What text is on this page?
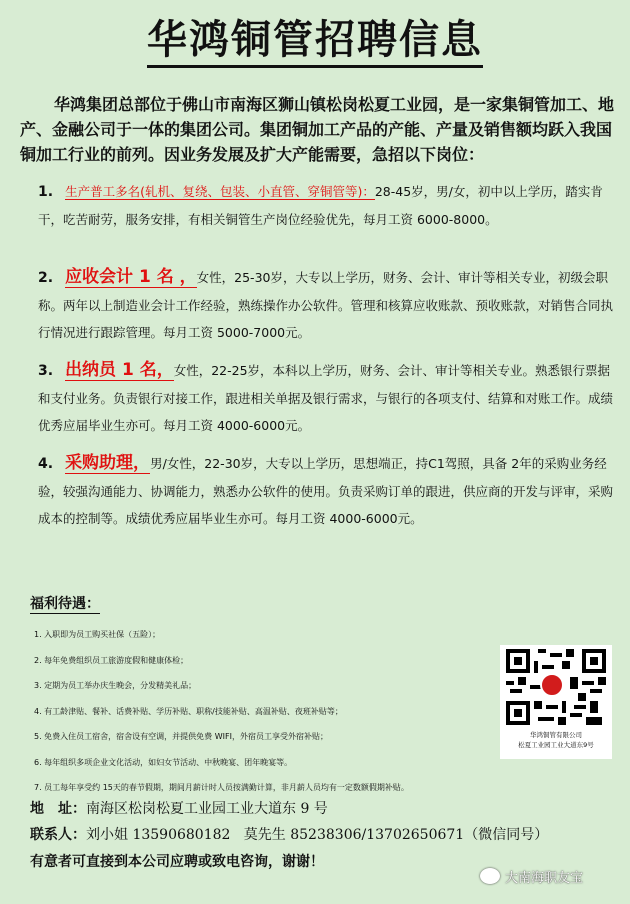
华鸿铜管招聘信息
华鸿集团总部位于佛山市南海区狮山镇松岗松夏工业园，是一家集铜管加工、地产、金融公司于一体的集团公司。集团铜加工产品的产能、产量及销售额均跃入我国铜加工行业的前列。因业务发展及扩大产能需要，急招以下岗位：
1. 生产普工多名(轧机、复绕、包装、小直管、穿铜管等)：28-45岁，男/女，初中以上学历，踏实肯干，吃苦耐劳，服务安排，有相关铜管生产岗位经验优先，每月工资 6000-8000。
2. 应收会计 1 名 ，女性，25-30岁，大专以上学历，财务、会计、审计等相关专业，初级会职称。两年以上制造业会计工作经验，熟练操作办公软件。管理和核算应收账款、预收账款，对销售合同执行情况进行跟踪管理。每月工资 5000-7000元。
3. 出纳员 1 名，女性，22-25岁，本科以上学历，财务、会计、审计等相关专业。熟悉银行票据和支付业务。负责银行对接工作，跟进相关单据及银行需求，与银行的各项支付、结算和对账工作。成绩优秀应届毕业生亦可。每月工资 4000-6000元。
4. 采购助理，男/女性，22-30岁，大专以上学历，思想端正，持C1驾照，具备 2年的采购业务经验，较强沟通能力、协调能力，熟悉办公软件的使用。负责采购订单的跟进，供应商的开发与评审，采购成本的控制等。成绩优秀应届毕业生亦可。每月工资 4000-6000元。
福利待遇：
1. 入职即为员工购买社保（五险）；
2. 每年免费组织员工旅游度假和健康体检；
3. 定期为员工举办庆生晚会，分发精美礼品；
4. 有工龄津贴、餐补、话费补贴、学历补贴、职称/技能补贴、高温补贴、夜班补贴等；
5. 免费入住员工宿舍，宿舍设有空调，并提供免费 WIFI，外宿员工享受外宿补贴；
6. 每年组织多项企业文化活动，如妇女节活动、中秋晚宴、团年晚宴等。
7. 员工每年享受约 15天的春节假期，期间月薪计时人员按满勤计算，非月薪人员均有一定数额假期补贴。
华鸿铜管有限公司
松夏工业园工业大道东9号
地　址：南海区松岗松夏工业园工业大道东 9 号
联系人：刘小姐 13590680182 莫先生 85238306/13702650671（微信同号）
有意者可直接到本公司应聘或致电咨询，谢谢！
大南海职友宝
